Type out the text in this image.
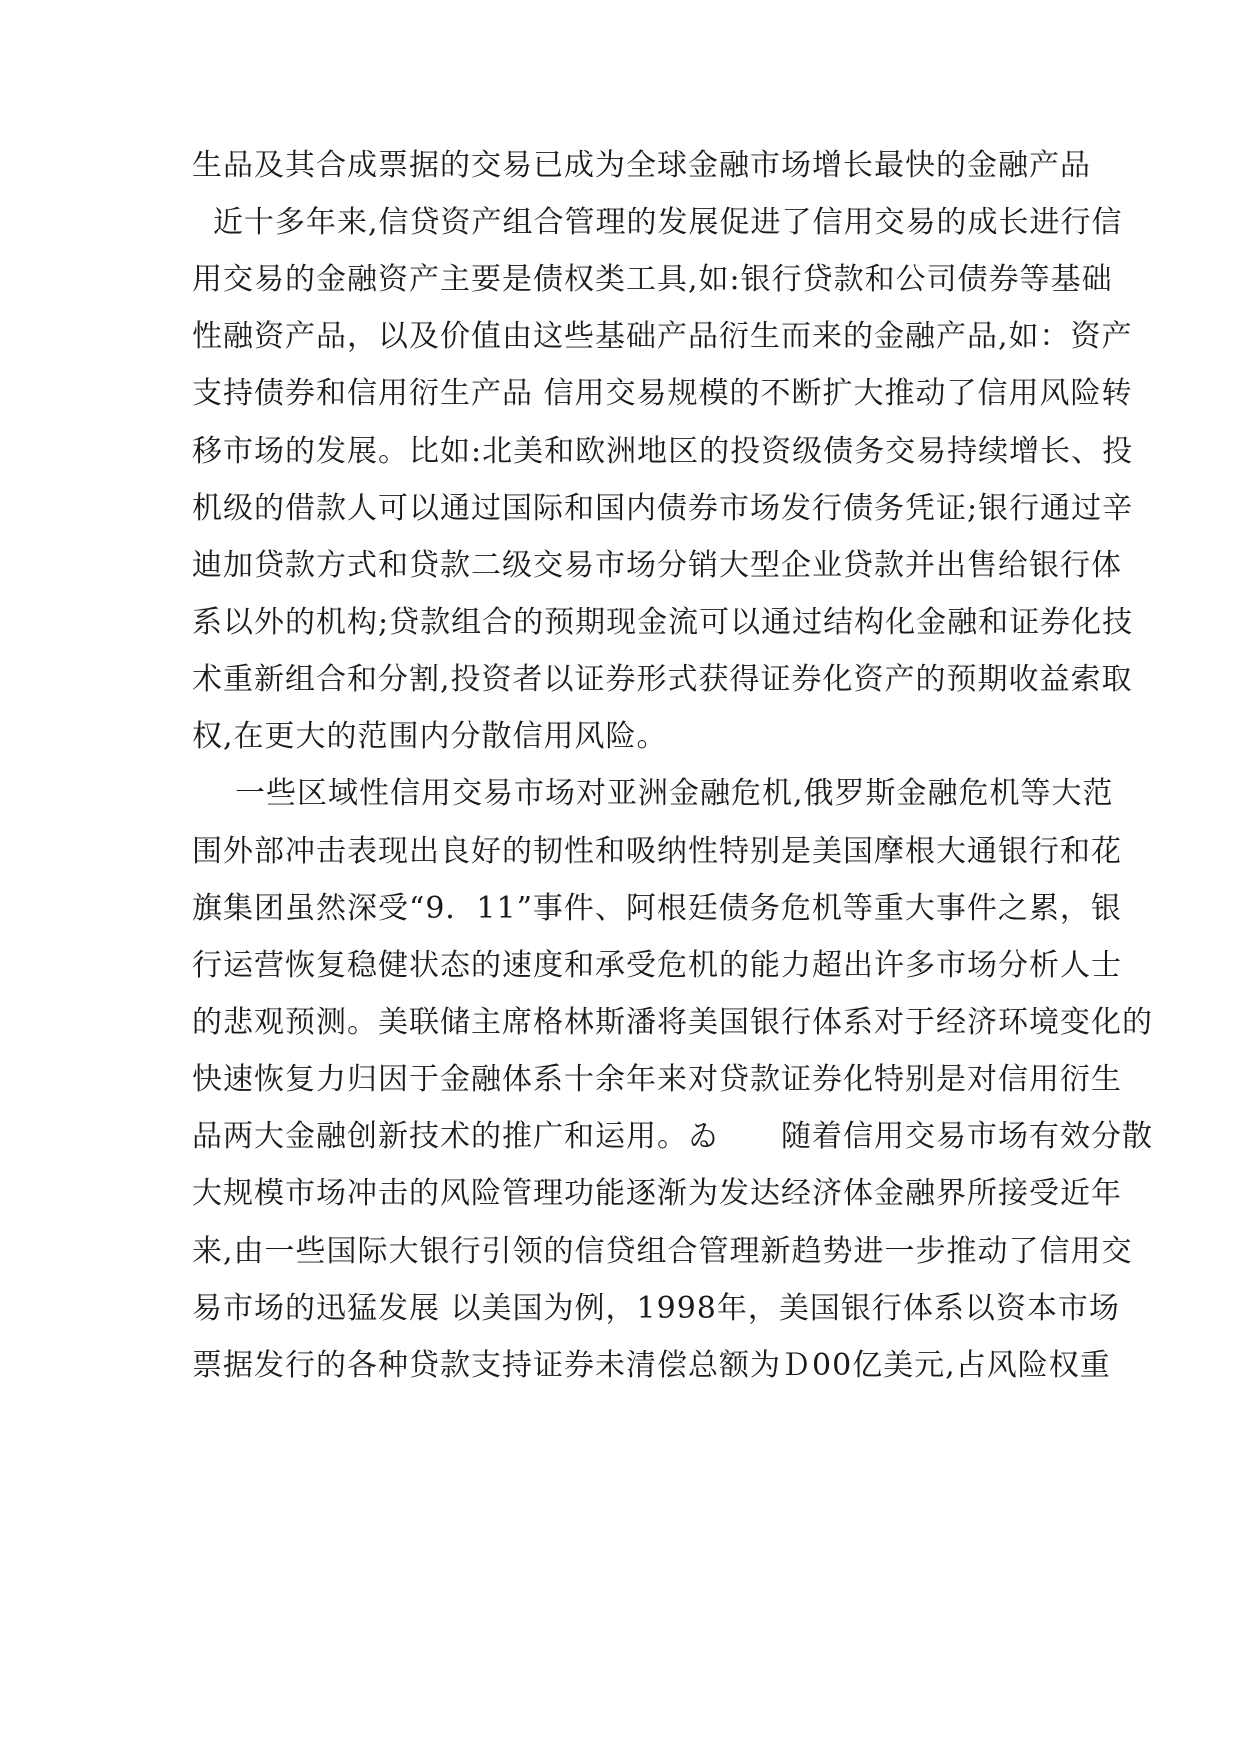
生品及其合成票据的交易已成为全球金融市场增长最快的金融产品
近十多年来,信贷资产组合管理的发展促进了信用交易的成长进行信
用交易的金融资产主要是债权类工具,如:银行贷款和公司债券等基础
性融资产品，以及价值由这些基础产品衍生而来的金融产品,如：资产
支持债券和信用衍生产品 信用交易规模的不断扩大推动了信用风险转
移市场的发展。比如:北美和欧洲地区的投资级债务交易持续增长、投
机级的借款人可以通过国际和国内债券市场发行债务凭证;银行通过辛
迪加贷款方式和贷款二级交易市场分销大型企业贷款并出售给银行体
系以外的机构;贷款组合的预期现金流可以通过结构化金融和证券化技
术重新组合和分割,投资者以证券形式获得证券化资产的预期收益索取
权,在更大的范围内分散信用风险。
一些区域性信用交易市场对亚洲金融危机,俄罗斯金融危机等大范
围外部冲击表现出良好的韧性和吸纳性特别是美国摩根大通银行和花
旗集团虽然深受“9．11”事件、阿根廷债务危机等重大事件之累，银
行运营恢复稳健状态的速度和承受危机的能力超出许多市场分析人士
的悲观预测。美联储主席格林斯潘将美国银行体系对于经济环境变化的
快速恢复力归因于金融体系十余年来对贷款证券化特别是对信用衍生
品两大金融创新技术的推广和运用。ゐ　　随着信用交易市场有效分散
大规模市场冲击的风险管理功能逐渐为发达经济体金融界所接受近年
来,由一些国际大银行引领的信贷组合管理新趋势进一步推动了信用交
易市场的迅猛发展 以美国为例，1998年，美国银行体系以资本市场
票据发行的各种贷款支持证券未清偿总额为Ｄ00亿美元,占风险权重
